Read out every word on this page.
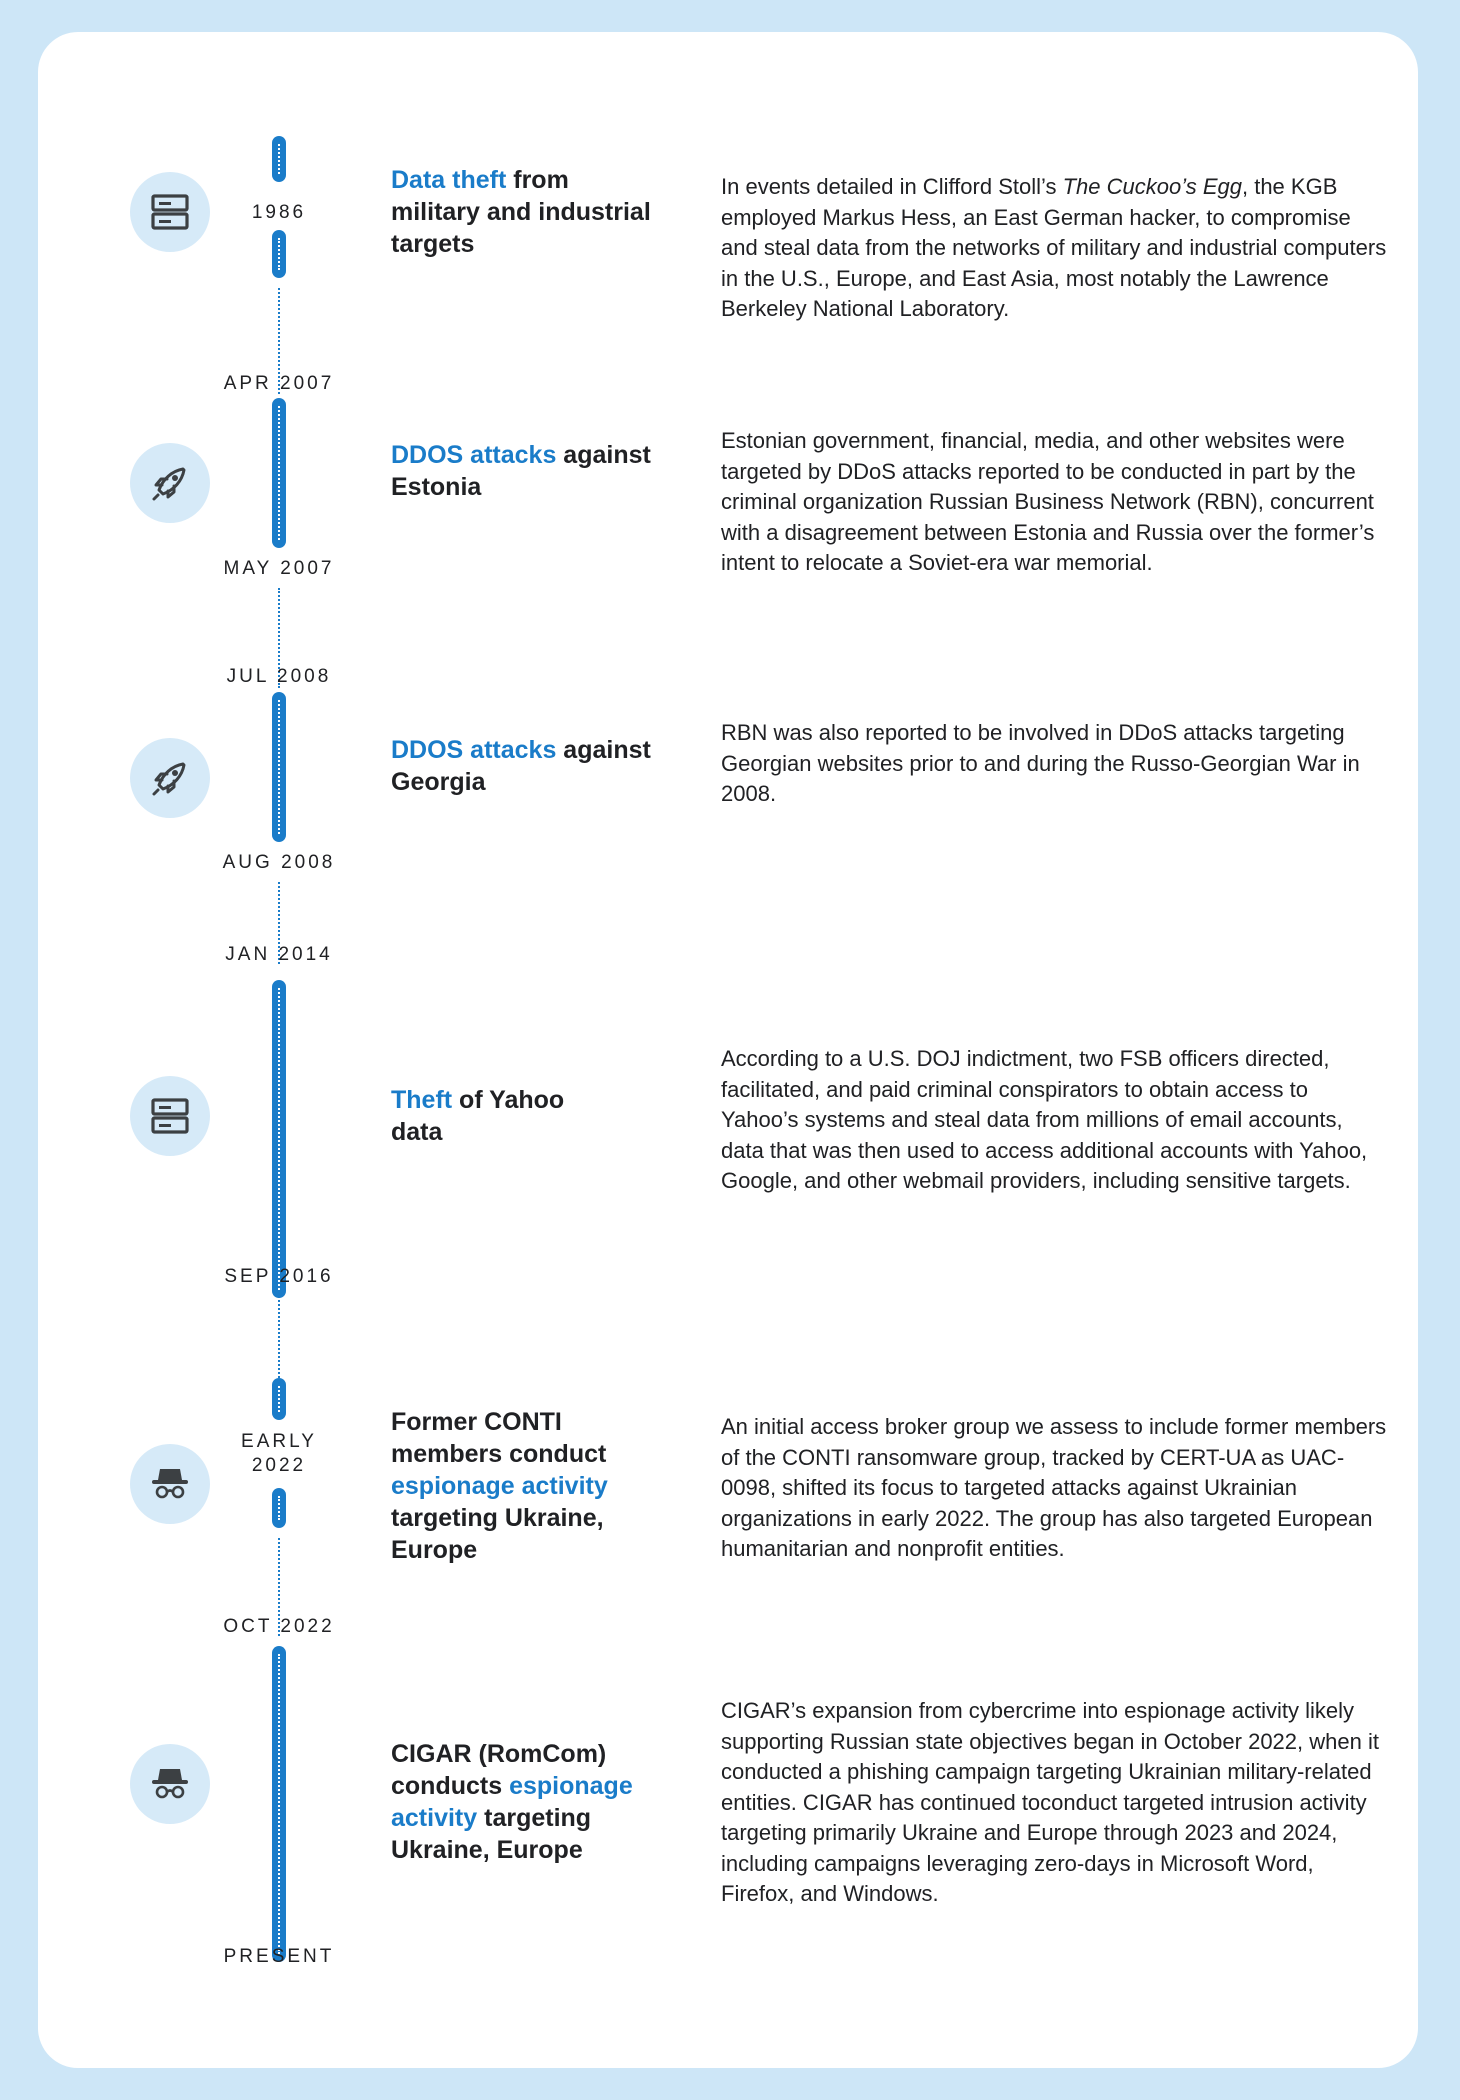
1986
Data theft from military and industrial targets
In events detailed in Clifford Stoll’s The Cuckoo’s Egg, the KGB employed Markus Hess, an East German hacker, to compromise and steal data from the networks of military and industrial computers in the U.S., Europe, and East Asia, most notably the Lawrence Berkeley National Laboratory.
APR 2007
MAY 2007
DDOS attacks against Estonia
Estonian government, financial, media, and other websites were targeted by DDoS attacks reported to be conducted in part by the criminal organization Russian Business Network (RBN), concurrent with a disagreement between Estonia and Russia over the former’s intent to relocate a Soviet-era war memorial.
JUL 2008
AUG 2008
DDOS attacks against Georgia
RBN was also reported to be involved in DDoS attacks targeting Georgian websites prior to and during the Russo-Georgian War in 2008.
JAN 2014
SEP 2016
Theft of Yahoo data
According to a U.S. DOJ indictment, two FSB officers directed, facilitated, and paid criminal conspirators to obtain access to Yahoo’s systems and steal data from millions of email accounts, data that was then used to access additional accounts with Yahoo, Google, and other webmail providers, including sensitive targets.
EARLY
2022
Former CONTI members conduct espionage activity targeting Ukraine, Europe
An initial access broker group we assess to include former members of the CONTI ransomware group, tracked by CERT-UA as UAC-0098, shifted its focus to targeted attacks against Ukrainian organizations in early 2022. The group has also targeted European humanitarian and nonprofit entities.
OCT 2022
PRESENT
CIGAR (RomCom) conducts espionage activity targeting Ukraine, Europe
CIGAR’s expansion from cybercrime into espionage activity likely supporting Russian state objectives began in October 2022, when it conducted a phishing campaign targeting Ukrainian military-related entities. CIGAR has continued toconduct targeted intrusion activity targeting primarily Ukraine and Europe through 2023 and 2024, including campaigns leveraging zero-days in Microsoft Word, Firefox, and Windows.
